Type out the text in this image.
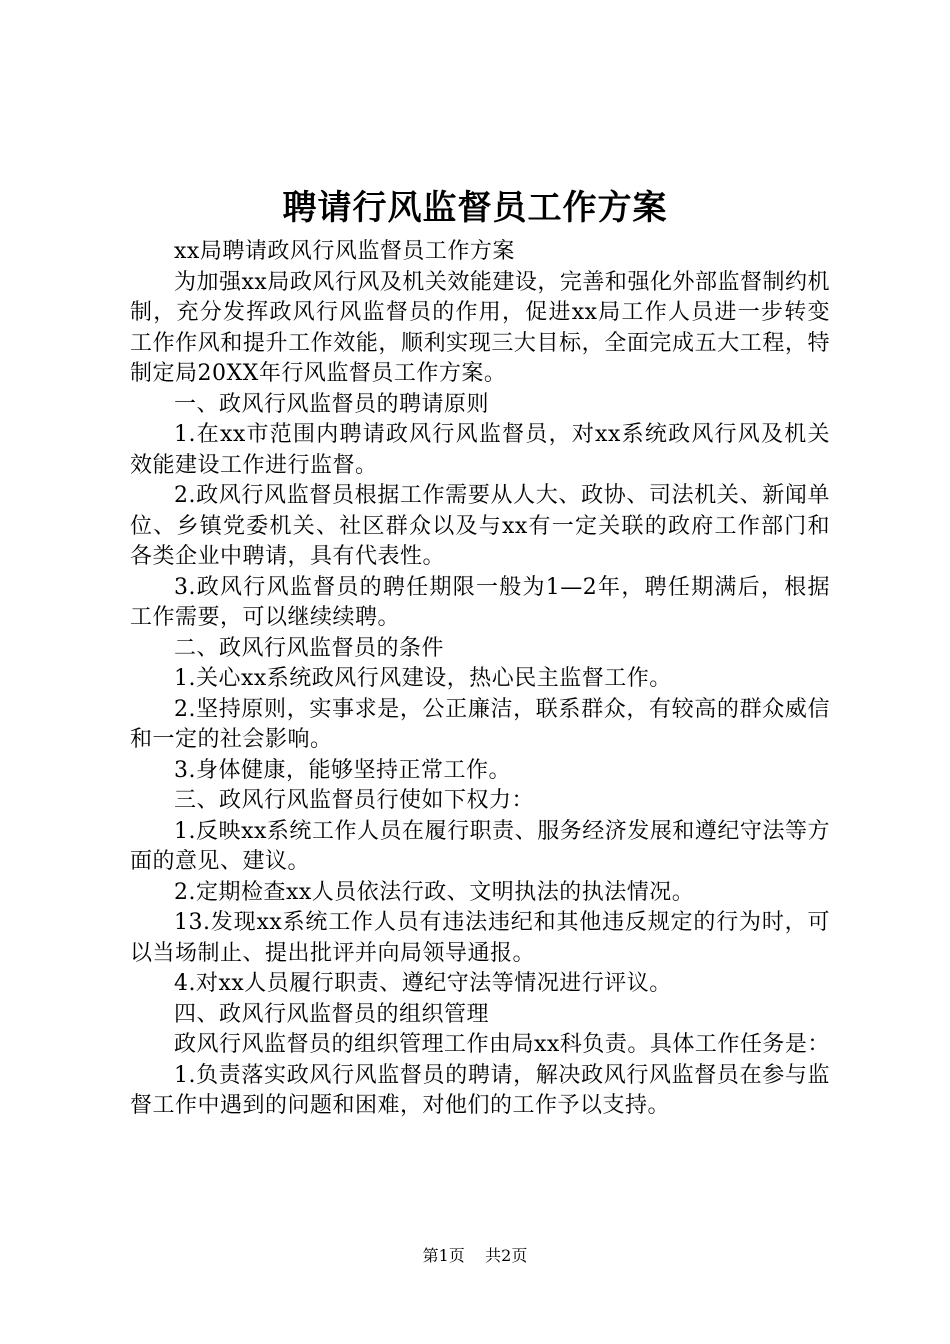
聘请行风监督员工作方案

xx局聘请政风行风监督员工作方案

为加强xx局政风行风及机关效能建设，完善和强化外部监督制约机制，充分发挥政风行风监督员的作用，促进xx局工作人员进一步转变工作作风和提升工作效能，顺利实现三大目标，全面完成五大工程，特制定局20XX年行风监督员工作方案。

一、政风行风监督员的聘请原则

1.在xx市范围内聘请政风行风监督员，对xx系统政风行风及机关效能建设工作进行监督。

2.政风行风监督员根据工作需要从人大、政协、司法机关、新闻单位、乡镇党委机关、社区群众以及与xx有一定关联的政府工作部门和各类企业中聘请，具有代表性。

3.政风行风监督员的聘任期限一般为1—2年，聘任期满后，根据工作需要，可以继续续聘。

二、政风行风监督员的条件

1.关心xx系统政风行风建设，热心民主监督工作。

2.坚持原则，实事求是，公正廉洁，联系群众，有较高的群众威信和一定的社会影响。

3.身体健康，能够坚持正常工作。

三、政风行风监督员行使如下权力：

1.反映xx系统工作人员在履行职责、服务经济发展和遵纪守法等方面的意见、建议。

2.定期检查xx人员依法行政、文明执法的执法情况。

13.发现xx系统工作人员有违法违纪和其他违反规定的行为时，可以当场制止、提出批评并向局领导通报。

4.对xx人员履行职责、遵纪守法等情况进行评议。

四、政风行风监督员的组织管理

政风行风监督员的组织管理工作由局xx科负责。具体工作任务是：

1.负责落实政风行风监督员的聘请，解决政风行风监督员在参与监督工作中遇到的问题和困难，对他们的工作予以支持。

第1页 共2页
